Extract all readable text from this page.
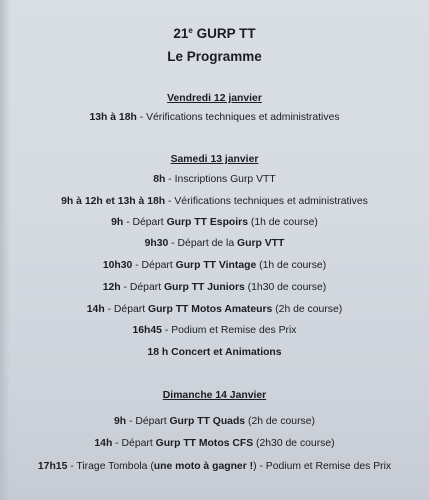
21e GURP TT
Le Programme
Vendredi 12 janvier
13h à 18h - Vérifications techniques et administratives
Samedi 13 janvier
8h - Inscriptions Gurp VTT
9h à 12h et 13h à 18h - Vérifications techniques et administratives
9h - Départ Gurp TT Espoirs (1h de course)
9h30 - Départ de la Gurp VTT
10h30 - Départ Gurp TT Vintage (1h de course)
12h - Départ Gurp TT Juniors (1h30 de course)
14h - Départ Gurp TT Motos Amateurs (2h de course)
16h45 - Podium et Remise des Prix
18 h Concert et Animations
Dimanche 14 Janvier
9h - Départ Gurp TT Quads (2h de course)
14h - Départ Gurp TT Motos CFS (2h30 de course)
17h15 - Tirage Tombola (une moto à gagner !) - Podium et Remise des Prix
